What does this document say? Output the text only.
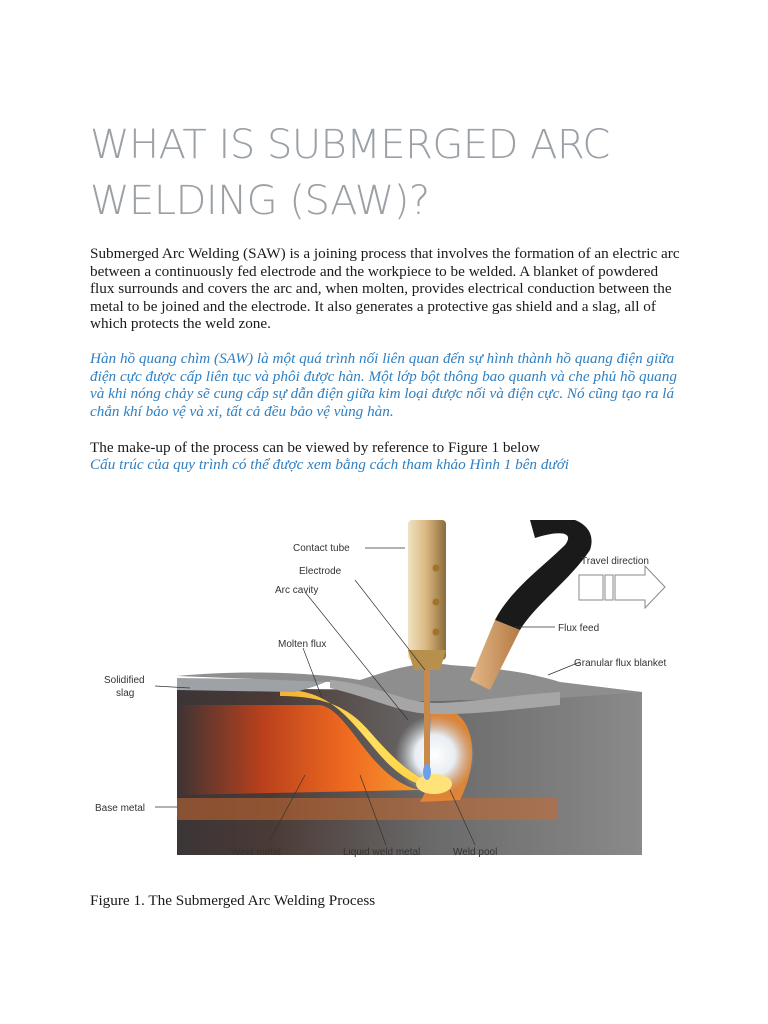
WHAT IS SUBMERGED ARC WELDING (SAW)?

Submerged Arc Welding (SAW) is a joining process that involves the formation of an electric arc between a continuously fed electrode and the workpiece to be welded. A blanket of powdered flux surrounds and covers the arc and, when molten, provides electrical conduction between the metal to be joined and the electrode. It also generates a protective gas shield and a slag, all of which protects the weld zone.

Hàn hồ quang chìm (SAW) là một quá trình nối liên quan đến sự hình thành hồ quang điện giữa điện cực được cấp liên tục và phôi được hàn. Một lớp bột thông bao quanh và che phủ hồ quang và khi nóng chảy sẽ cung cấp sự dẫn điện giữa kim loại được nối và điện cực. Nó cũng tạo ra lá chắn khí bảo vệ và xỉ, tất cả đều bảo vệ vùng hàn.

The make-up of the process can be viewed by reference to Figure 1 below

Cấu trúc của quy trình có thể được xem bằng cách tham khảo Hình 1 bên dưới

Contact tube
Electrode
Arc cavity
Molten flux
Travel direction
Flux feed
Granular flux blanket
Solidified
slag
Base metal
Weld metal	Liquid weld metal	Weld pool

Figure 1. The Submerged Arc Welding Process
